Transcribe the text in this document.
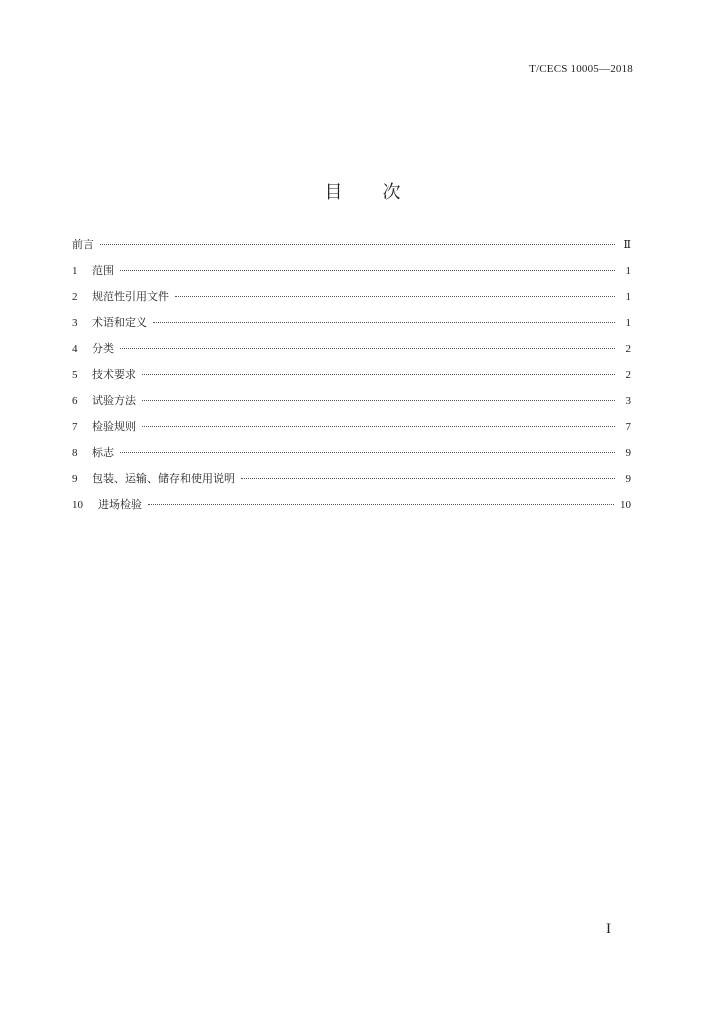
T/CECS 10005—2018
目 次
前言	Ⅱ
1	范围	1
2	规范性引用文件	1
3	术语和定义	1
4	分类	2
5	技术要求	2
6	试验方法	3
7	检验规则	7
8	标志	9
9	包装、运输、储存和使用说明	9
10	进场检验	10
I
